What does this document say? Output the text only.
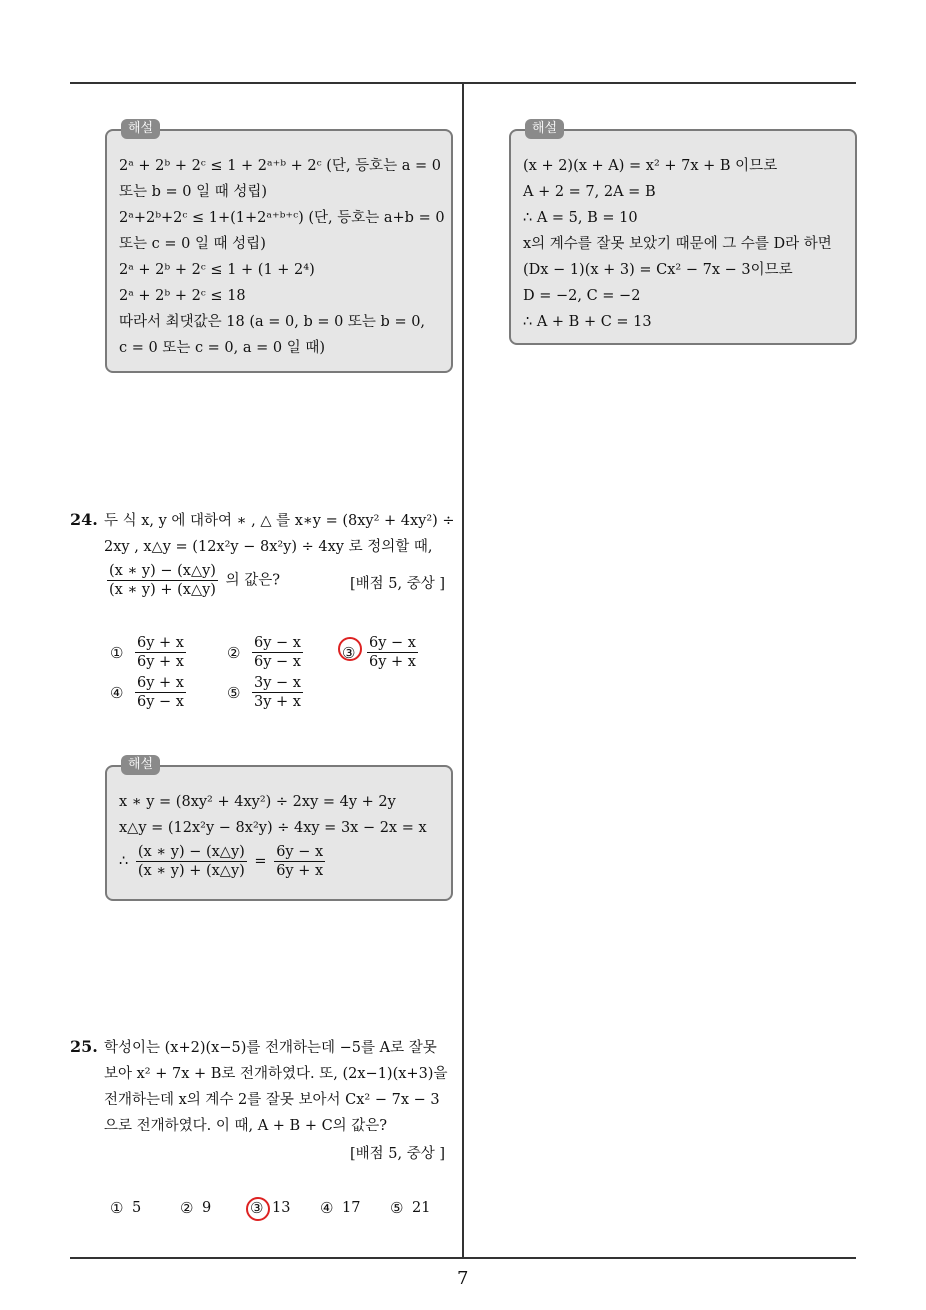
해설
2ᵃ + 2ᵇ + 2ᶜ ≤ 1 + 2ᵃ⁺ᵇ + 2ᶜ (단, 등호는 a = 0
또는 b = 0 일 때 성립)
2ᵃ+2ᵇ+2ᶜ ≤ 1+(1+2ᵃ⁺ᵇ⁺ᶜ) (단, 등호는 a+b = 0
또는 c = 0 일 때 성립)
2ᵃ + 2ᵇ + 2ᶜ ≤ 1 + (1 + 2⁴)
2ᵃ + 2ᵇ + 2ᶜ ≤ 18
따라서 최댓값은 18 (a = 0, b = 0 또는 b = 0,
c = 0 또는 c = 0, a = 0 일 때)
24. 두 식 x, y 에 대하여 ∗ , △ 를 x∗y = (8xy² + 4xy²) ÷
2xy , x△y = (12x²y − 8x²y) ÷ 4xy 로 정의할 때,
$\frac{(x ∗ y) - (x\triangle y)}{(x ∗ y) + (x\triangle y)}$ 의 값은?	[배점 5, 중상 ]
① $\frac{6y + x}{6y + x}$	② $\frac{6y - x}{6y - x}$	③ $\frac{6y - x}{6y + x}$
④ $\frac{6y + x}{6y - x}$	⑤ $\frac{3y - x}{3y + x}$
해설
x ∗ y = (8xy² + 4xy²) ÷ 2xy = 4y + 2y
x△y = (12x²y − 8x²y) ÷ 4xy = 3x − 2x = x
∴ $\frac{(x ∗ y) - (x\triangle y)}{(x ∗ y) + (x\triangle y)} = \frac{6y - x}{6y + x}$
25. 학성이는 (x+2)(x−5)를 전개하는데 −5를 A로 잘못
보아 x² + 7x + B로 전개하였다. 또, (2x−1)(x+3)을
전개하는데 x의 계수 2를 잘못 보아서 Cx² − 7x − 3
으로 전개하였다. 이 때, A + B + C의 값은?
[배점 5, 중상 ]
① 5	② 9	③ 13 ④ 17 ⑤ 21
해설
(x + 2)(x + A) = x² + 7x + B 이므로
A + 2 = 7, 2A = B
∴ A = 5, B = 10
x의 계수를 잘못 보았기 때문에 그 수를 D라 하면
(Dx − 1)(x + 3) = Cx² − 7x − 3이므로
D = −2, C = −2
∴ A + B + C = 13
7
